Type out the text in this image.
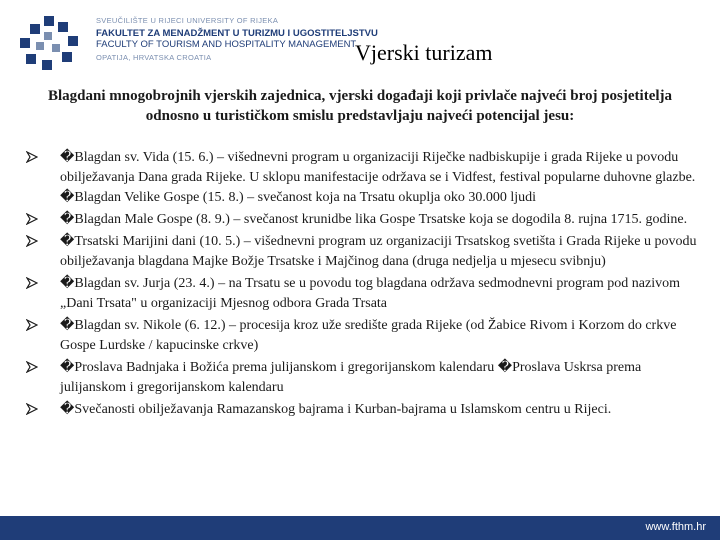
SVEUČILIŠTE U RIJECI UNIVERSITY OF RIJEKA
FAKULTET ZA MENADŽMENT U TURIZMU I UGOSTITELJSTVU
FACULTY OF TOURISM AND HOSPITALITY MANAGEMENT
OPATIJA, HRVATSKA CROATIA	Vjerski turizam
Blagdani mnogobrojnih vjerskih zajednica, vjerski događaji koji privlače najveći broj posjetitelja odnosno u turističkom smislu predstavljaju najveći potencijal jesu:
�Blagdan sv. Vida (15. 6.) – višednevni program u organizaciji Riječke nadbiskupije i grada Rijeke u povodu obilježavanja Dana grada Rijeke. U sklopu manifestacije održava se i Vidfest, festival popularne duhovne glazbe. �Blagdan Velike Gospe (15. 8.) – svečanost koja na Trsatu okuplja oko 30.000 ljudi
�Blagdan Male Gospe (8. 9.) – svečanost krunidbe lika Gospe Trsatske koja se dogodila 8. rujna 1715. godine.
�Trsatski Marijini dani (10. 5.) – višednevni program uz organizaciji Trsatskog svetišta i Grada Rijeke u povodu obilježavanja blagdana Majke Božje Trsatske i Majčinog dana (druga nedjelja u mjesecu svibnju)
�Blagdan sv. Jurja (23. 4.) – na Trsatu se u povodu tog blagdana održava sedmodnevni program pod nazivom „Dani Trsata" u organizaciji Mjesnog odbora Grada Trsata
�Blagdan sv. Nikole (6. 12.) – procesija kroz uže središte grada Rijeke (od Žabice Rivom i Korzom do crkve Gospe Lurdske / kapucinske crkve)
�Proslava Badnjaka i Božića prema julijanskom i gregorijanskom kalendaru �Proslava Uskrsa prema julijanskom i gregorijanskom kalendaru
�Svečanosti obilježavanja Ramazanskog bajrama i Kurban-bajrama u Islamskom centru u Rijeci.
www.fthm.hr
